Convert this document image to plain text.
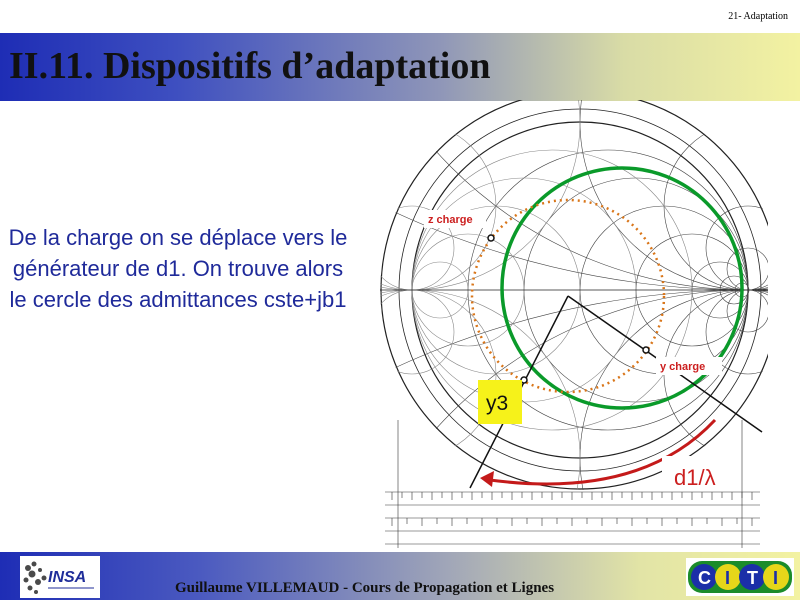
21- Adaptation
II.11. Dispositifs d’adaptation
De la charge on se déplace vers le générateur de d1. On trouve alors le cercle des admittances cste+jb1
z charge
y charge
y3
d1/λ
INSA
Guillaume VILLEMAUD - Cours de Propagation et Lignes	C I T I
